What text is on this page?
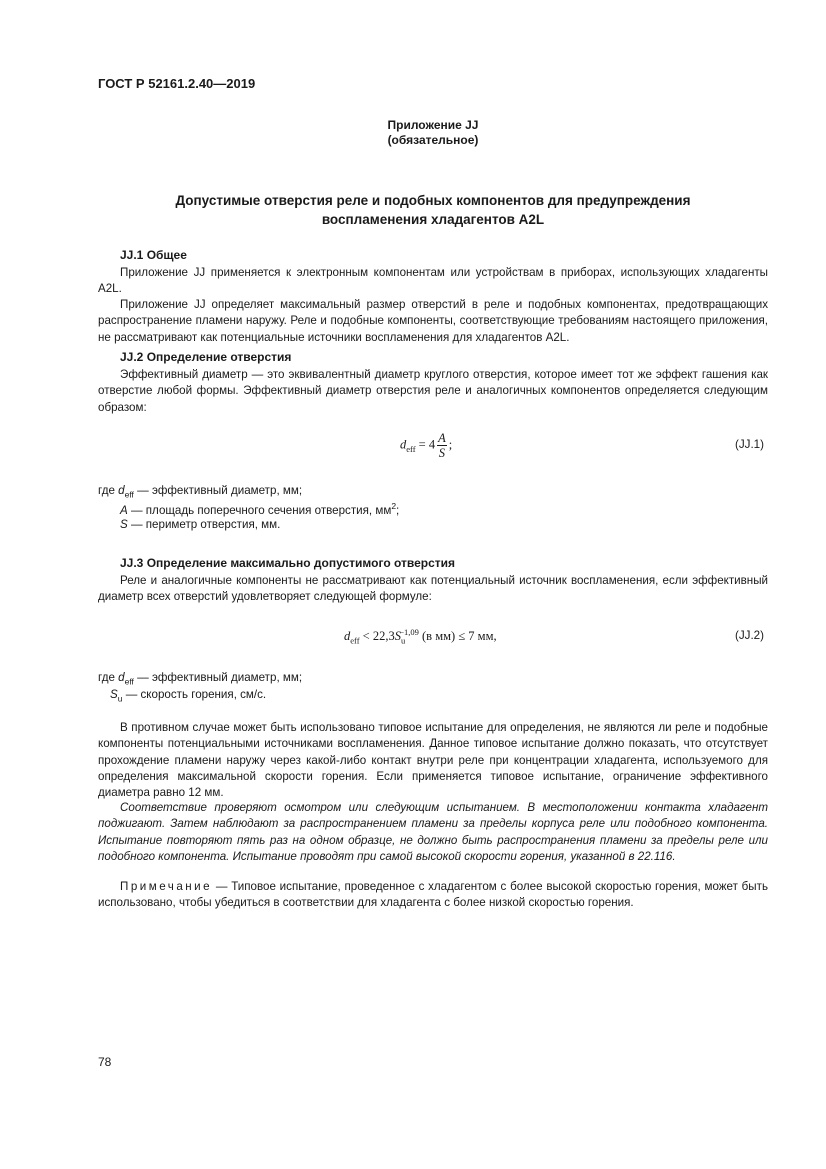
ГОСТ Р 52161.2.40—2019
Приложение JJ
(обязательное)
Допустимые отверстия реле и подобных компонентов для предупреждения
воспламенения хладагентов A2L
JJ.1 Общее
Приложение JJ применяется к электронным компонентам или устройствам в приборах, использующих хладагенты A2L.
Приложение JJ определяет максимальный размер отверстий в реле и подобных компонентах, предотвращающих распространение пламени наружу. Реле и подобные компоненты, соответствующие требованиям настоящего приложения, не рассматривают как потенциальные источники воспламенения для хладагентов A2L.
JJ.2 Определение отверстия
Эффективный диаметр — это эквивалентный диаметр круглого отверстия, которое имеет тот же эффект гашения как отверстие любой формы. Эффективный диаметр отверстия реле и аналогичных компонентов определяется следующим образом:
$d_{eff} = 4 \frac{A}{S}$ ;	(JJ.1)
где $d_{eff}$ — эффективный диаметр, мм;
A — площадь поперечного сечения отверстия, $мм^2$;
S — периметр отверстия, мм.
JJ.3 Определение максимально допустимого отверстия
Реле и аналогичные компоненты не рассматривают как потенциальный источник воспламенения, если эффективный диаметр всех отверстий удовлетворяет следующей формуле:
$d_{eff} < 22,3S_u^{-1,09}$ (в мм) ≤ 7 мм,	(JJ.2)
где $d_{eff}$ — эффективный диаметр, мм;
$S_u$ — скорость горения, см/с.
В противном случае может быть использовано типовое испытание для определения, не являются ли реле и подобные компоненты потенциальными источниками воспламенения. Данное типовое испытание должно показать, что отсутствует прохождение пламени наружу через какой-либо контакт внутри реле при концентрации хладагента, используемого для определения максимальной скорости горения. Если применяется типовое испытание, ограничение эффективного диаметра равно 12 мм.
Соответствие проверяют осмотром или следующим испытанием. В местоположении контакта хладагент поджигают. Затем наблюдают за распространением пламени за пределы корпуса реле или подобного компонента. Испытание повторяют пять раз на одном образце, не должно быть распространения пламени за пределы реле или подобного компонента. Испытание проводят при самой высокой скорости горения, указанной в 22.116.
Примечание — Типовое испытание, проведенное с хладагентом с более высокой скоростью горения, может быть использовано, чтобы убедиться в соответствии для хладагента с более низкой скоростью горения.
78
